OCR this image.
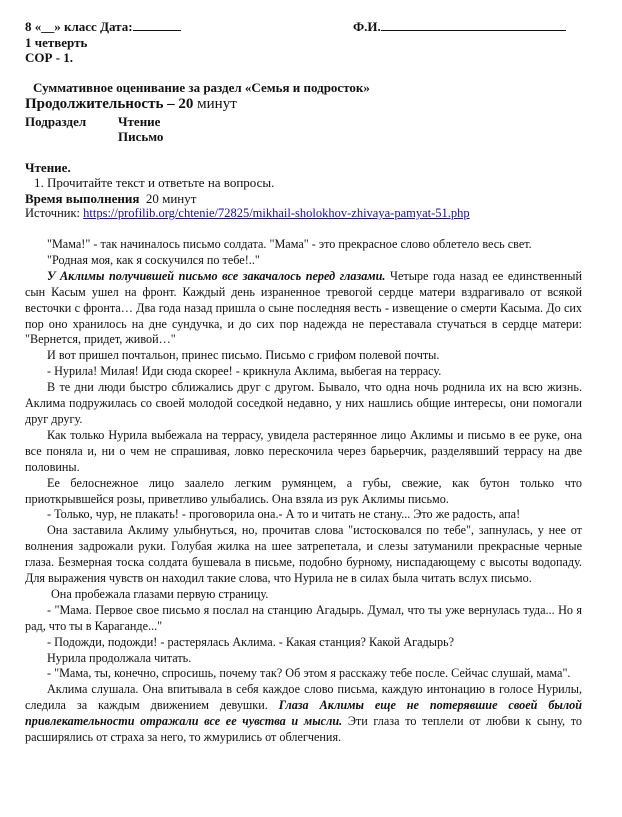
8 «__» класс Дата:	Ф.И.
1 четверть
СОР - 1.
Суммативное оценивание за раздел «Семья и подросток»
Продолжительность – 20 минут
Подраздел Чтение
Письмо
Чтение.
1. Прочитайте текст и ответьте на вопросы.
Время выполнения 20 минут
Источник: https://profilib.org/chtenie/72825/mikhail-sholokhov-zhivaya-pamyat-51.php

"Мама!" - так начиналось письмо солдата. "Мама" - это прекрасное слово облетело весь свет.

"Родная моя, как я соскучился по тебе!.."

У Аклимы получившей письмо все закачалось перед глазами. Четыре года назад ее единственный сын Касым ушел на фронт. Каждый день израненное тревогой сердце матери вздрагивало от всякой весточки с фронта… Два года назад пришла о сыне последняя весть - извещение о смерти Касыма. До сих пор оно хранилось на дне сундучка, и до сих пор надежда не переставала стучаться в сердце матери: "Вернется, придет, живой…"

И вот пришел почтальон, принес письмо. Письмо с грифом полевой почты.

- Нурила! Милая! Иди сюда скорее! - крикнула Аклима, выбегая на террасу.

В те дни люди быстро сближались друг с другом. Бывало, что одна ночь роднила их на всю жизнь. Аклима подружилась со своей молодой соседкой недавно, у них нашлись общие интересы, они помогали друг другу.

Как только Нурила выбежала на террасу, увидела растерянное лицо Аклимы и письмо в ее руке, она все поняла и, ни о чем не спрашивая, ловко перескочила через барьерчик, разделявший террасу на две половины.

Ее белоснежное лицо заалело легким румянцем, а губы, свежие, как бутон только что приоткрывшейся розы, приветливо улыбались. Она взяла из рук Аклимы письмо.

- Только, чур, не плакать! - проговорила она.- А то и читать не стану... Это же радость, апа!

Она заставила Аклиму улыбнуться, но, прочитав слова "истосковался по тебе", запнулась, у нее от волнения задрожали руки. Голубая жилка на шее затрепетала, и слезы затуманили прекрасные черные глаза. Безмерная тоска солдата бушевала в письме, подобно бурному, ниспадающему с высоты водопаду. Для выражения чувств он находил такие слова, что Нурила не в силах была читать вслух письмо.

Она пробежала глазами первую страницу.

- "Мама. Первое свое письмо я послал на станцию Агадырь. Думал, что ты уже вернулась туда... Но я рад, что ты в Караганде..."

- Подожди, подожди! - растерялась Аклима. - Какая станция? Какой Агадырь?

Нурила продолжала читать.

- "Мама, ты, конечно, спросишь, почему так? Об этом я расскажу тебе после. Сейчас слушай, мама".

Аклима слушала. Она впитывала в себя каждое слово письма, каждую интонацию в голосе Нурилы, следила за каждым движением девушки. Глаза Аклимы еще не потерявшие своей былой привлекательности отражали все ее чувства и мысли. Эти глаза то теплели от любви к сыну, то расширялись от страха за него, то жмурились от облегчения.
